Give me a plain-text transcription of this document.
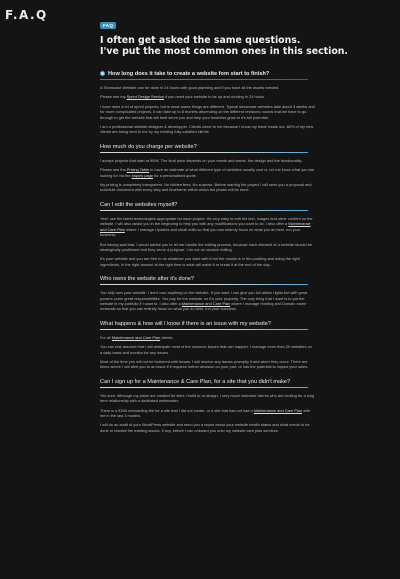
F.A.Q
FAQ
I often get asked the same questions.
I've put the most common ones in this section.
How long does it take to create a website fom start to finish?

A Showcase Website can be done in 24 hours with good planning and if you have all the assets needed.

Please see my Sprint Design Service if you need your website to be up and running in 24 hours.

I have done a lot of sprint projects, but is most cases things are different. Typical showcase websites take about 3 weeks and for more complicated projects, it can take up to 6 months depending on the different revisions rounds that we have to go through to get the website that will best serve you and help your business grow to it's full potential.

I am a professional website designer & developper. Clients come to me because I know my trade inside out. 80% of my new clients are being sent to me by my existing fully satisfied clients

How much do you charge per website?

I accept projects that start at 900€. The final price depends on your needs and wants, the design and the functionality.

Please see the Pricing Table to have an estimate of what different type of websites usually cost or Let me know what you are looking for via the Inquiry page for a personalised quote.

My pricing is completely transparent. No hidden fees, No surprise. Before starting the project I will send you a proposal and schedule document with every step and timeframe within which the phase will be done.

Can I edit the websites myself?

Yes!! use the latest technologies appropriate for each project. It's very easy to edit the text, images and other content on the website. I will also assist you in the beginning to help you with any modifications you want to do. I also offer a Maintenance and Care Plan where I manage Updates and small edits so that you can entirely focus on what you do best, run your business.

But having said that, I would advise you to let me handle the editing process, because each element of a website should be strategically positioned and they serve a purpose. I do not do random editing.

If's your website and you are free to do whatever you want with it but the results is in the pudding and doing the right ingredients, in the right amount at the right time is what will make it or break it at the end of the day...

Who owns the website after it's done?

You fully own your website. I don't own anything on the website. If you want I can give you full admin rights but with great powers come great responsibilities. You pay for the website, so it's your property. The only thing that I want is to put the website in my portfolio if I want to. I also offer a Maintenance and Care Plan where I manage Hosting and Domain name renewals so that you can entirely focus on what you do best, run your business.

What happens & how will I know if there is an issue with my website?

For all Maintenance and Care Plan clients:

You can rest assured that I will anticipate most of the common issues that can happen. I manage more than 20 websites on a daily basis and monitor for any issues.

Most of the time you will not be bothered with issues. I will resolve any issues promptly if and when they occur. There are times where I will alert you to an issue if it requires further decision on your part, or has the potential to impact your sales.

Can I sign up for a Maintenance & Care Plan, for a site that you didn't make?

Yes sure. Although my plans are created for sites I build or re-design, I very much welcome clients who are looking for a long term relationship with a dedicated webmaster.

There is a €300 onboarding fee for a site that I did not create, or a site that has not had a Maintenance and Care Plan with me in the last 3 months.

I will do an audit of your WordPress website and send you a report about your website health status and what needs to be done to resolve the existing issues, if any, before I can onboard you onto my website care plan services.
